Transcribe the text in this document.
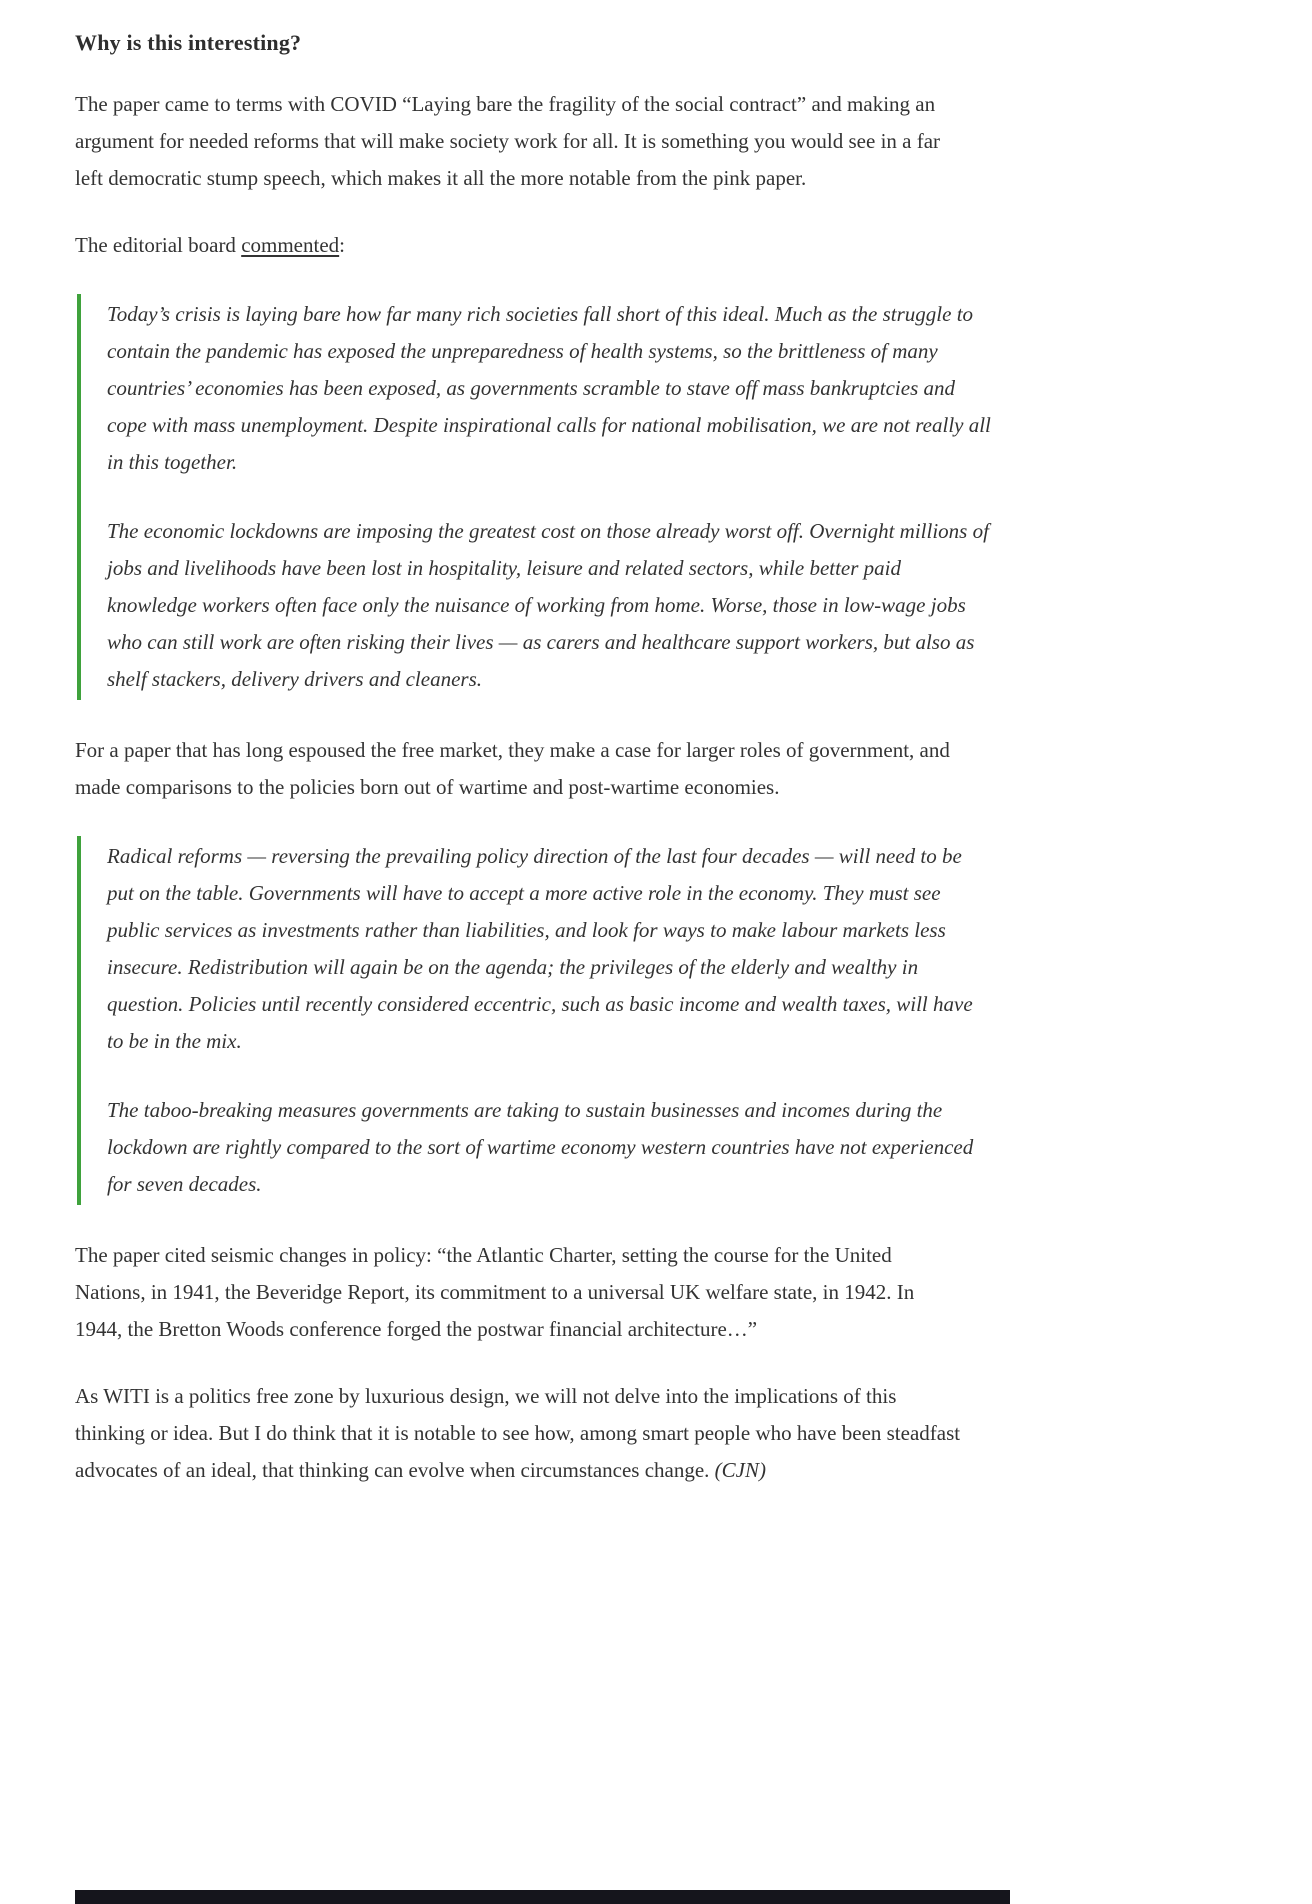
Why is this interesting?

The paper came to terms with COVID “Laying bare the fragility of the social contract” and making an argument for needed reforms that will make society work for all. It is something you would see in a far left democratic stump speech, which makes it all the more notable from the pink paper.

The editorial board commented:

Today’s crisis is laying bare how far many rich societies fall short of this ideal. Much as the struggle to contain the pandemic has exposed the unpreparedness of health systems, so the brittleness of many countries’ economies has been exposed, as governments scramble to stave off mass bankruptcies and cope with mass unemployment. Despite inspirational calls for national mobilisation, we are not really all in this together.

The economic lockdowns are imposing the greatest cost on those already worst off. Overnight millions of jobs and livelihoods have been lost in hospitality, leisure and related sectors, while better paid knowledge workers often face only the nuisance of working from home. Worse, those in low-wage jobs who can still work are often risking their lives — as carers and healthcare support workers, but also as shelf stackers, delivery drivers and cleaners.

For a paper that has long espoused the free market, they make a case for larger roles of government, and made comparisons to the policies born out of wartime and post-wartime economies.

Radical reforms — reversing the prevailing policy direction of the last four decades — will need to be put on the table. Governments will have to accept a more active role in the economy. They must see public services as investments rather than liabilities, and look for ways to make labour markets less insecure. Redistribution will again be on the agenda; the privileges of the elderly and wealthy in question. Policies until recently considered eccentric, such as basic income and wealth taxes, will have to be in the mix.

The taboo-breaking measures governments are taking to sustain businesses and incomes during the lockdown are rightly compared to the sort of wartime economy western countries have not experienced for seven decades.

The paper cited seismic changes in policy: “the Atlantic Charter, setting the course for the United Nations, in 1941, the Beveridge Report, its commitment to a universal UK welfare state, in 1942. In 1944, the Bretton Woods conference forged the postwar financial architecture…”

As WITI is a politics free zone by luxurious design, we will not delve into the implications of this thinking or idea. But I do think that it is notable to see how, among smart people who have been steadfast advocates of an ideal, that thinking can evolve when circumstances change. (CJN)
